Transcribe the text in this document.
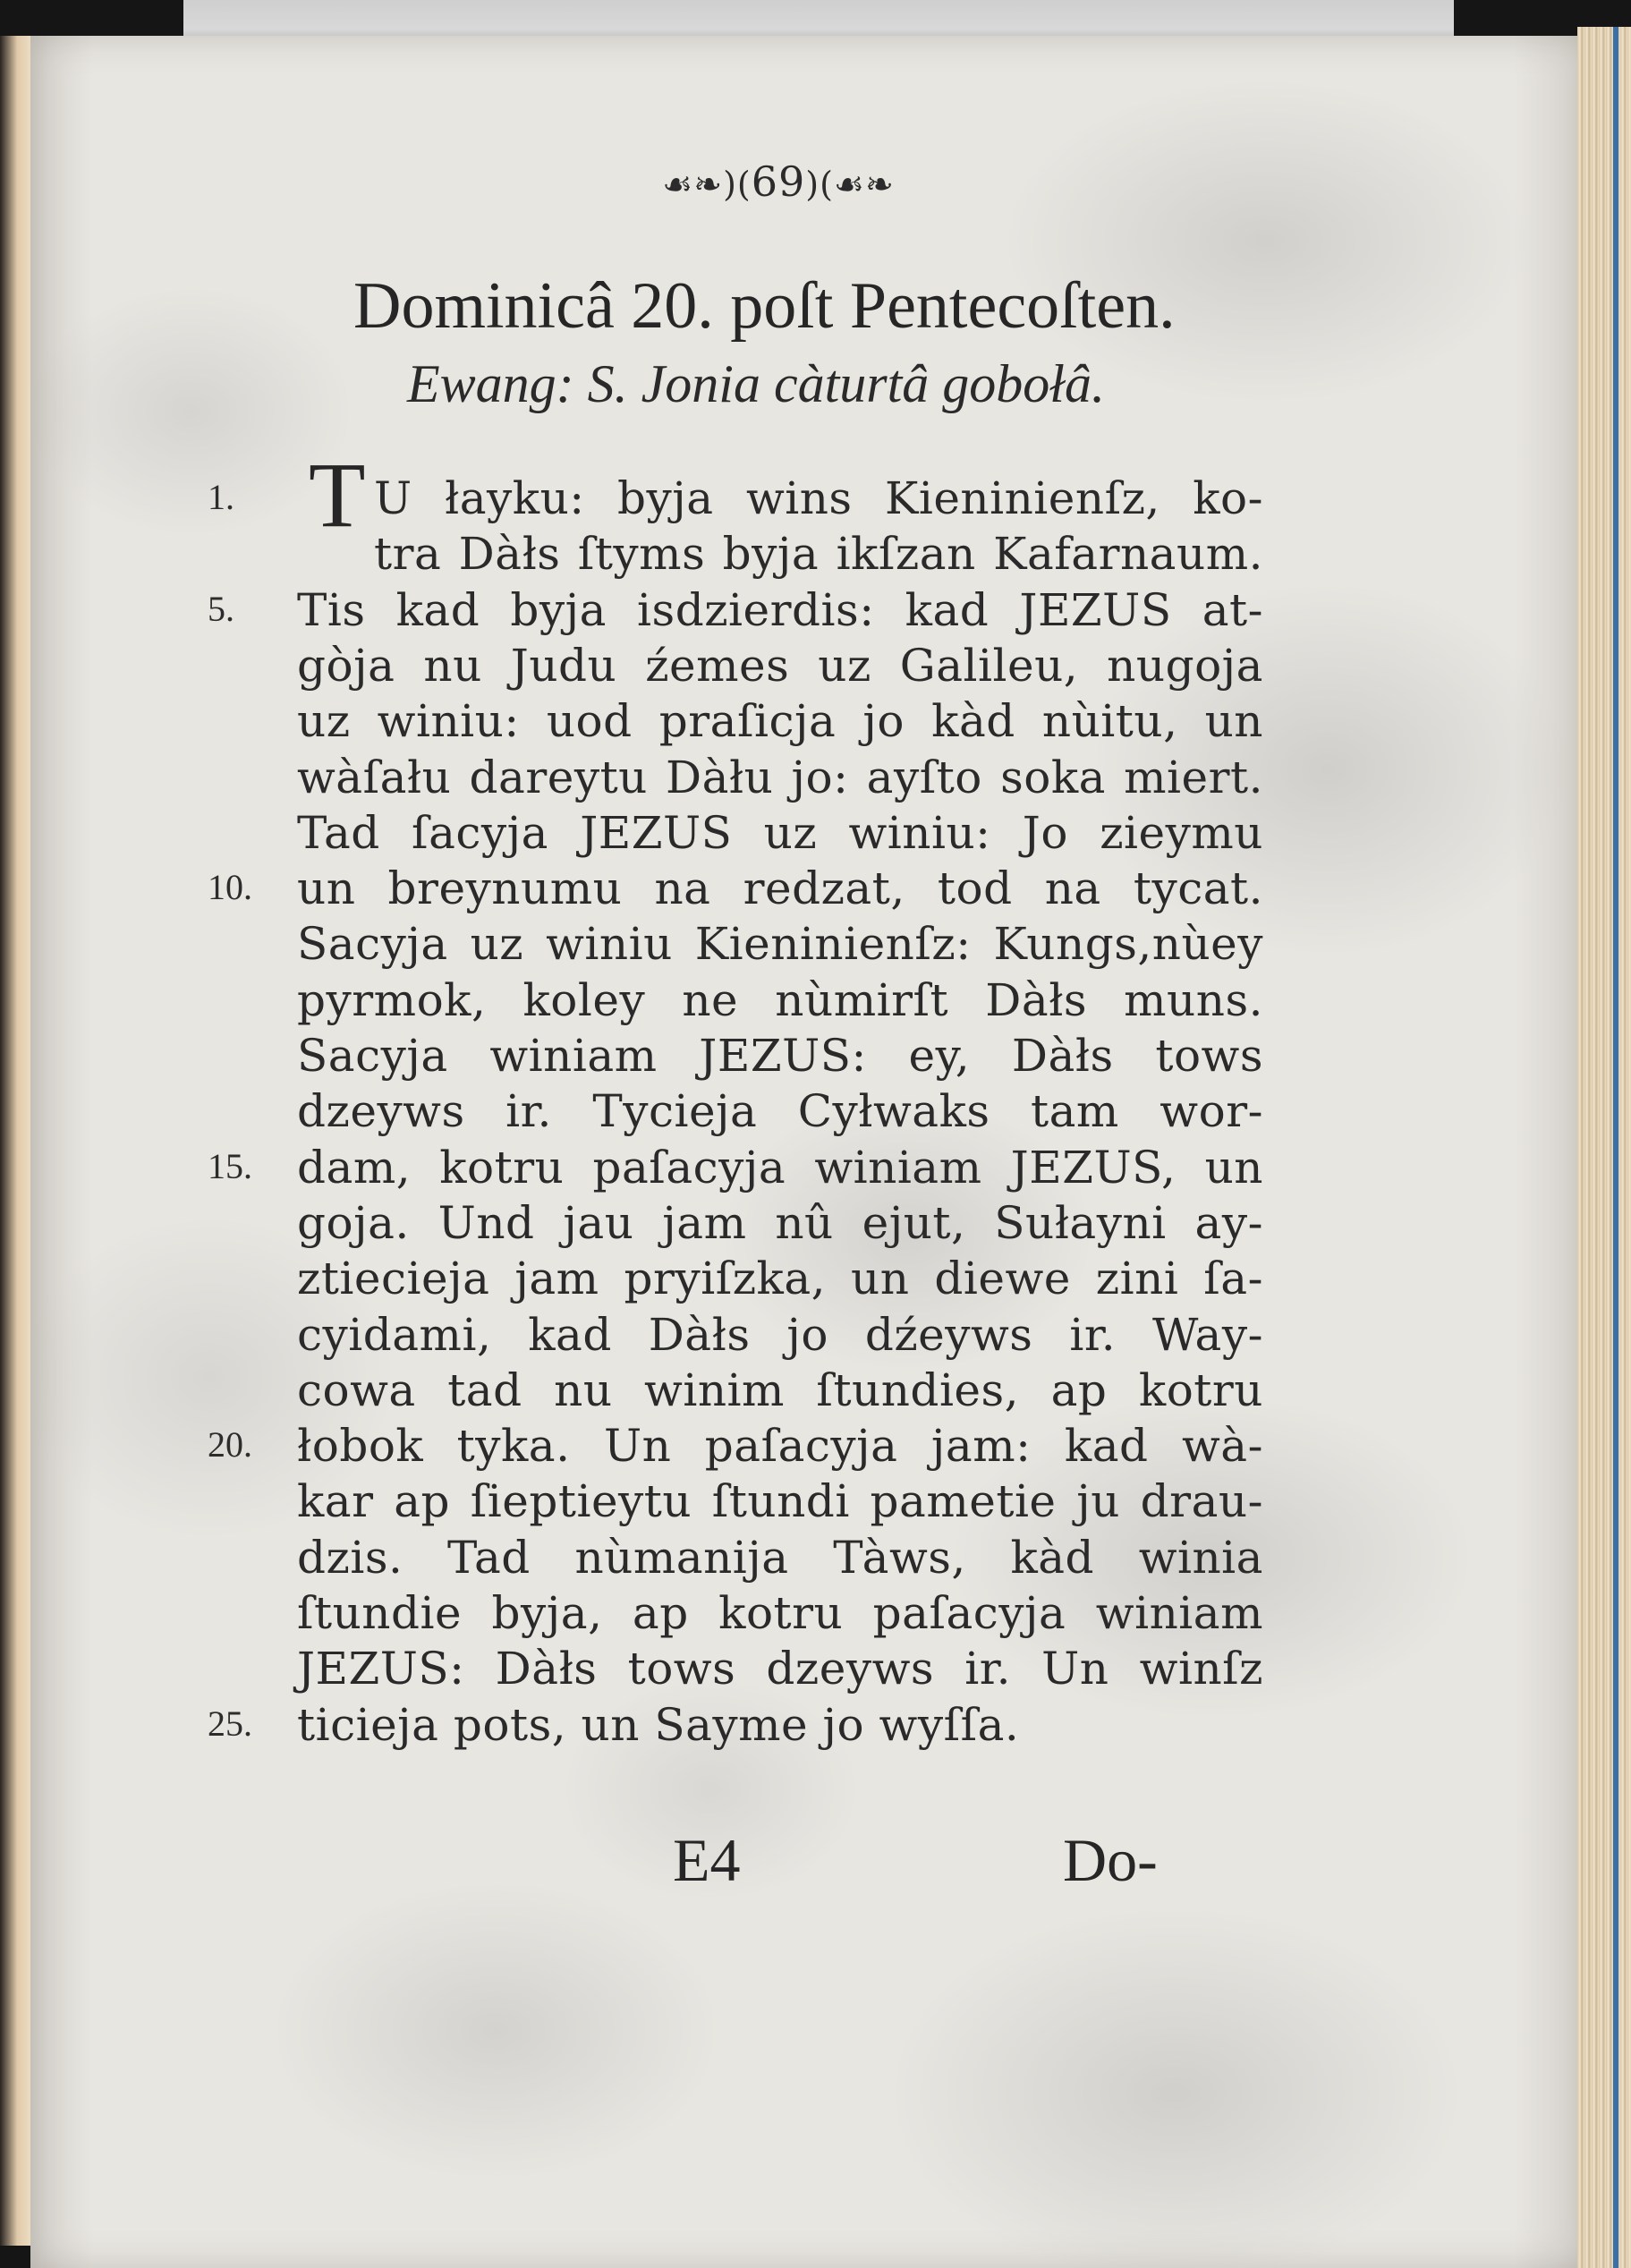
☙❧)(69)(☙❧
Dominicâ 20. poſt Pentecoſten.
Ewang: S. Jonia càturtâ gobołâ.
T U łayku: byja wins Kieninienſz, ko-
1.
tra Dàłs ſtyms byja ikſzan Kafarnaum.
Tis kad byja isdzierdis: kad JEZUS at-
5.
gòja nu Judu źemes uz Galileu, nugoja
uz winiu: uod praſicja jo kàd nùitu, un
wàſału dareytu Dàłu jo: ayſto soka miert.
Tad ſacyja JEZUS uz winiu: Jo zieymu
un breynumu na redzat, tod na tycat.
10.
Sacyja uz winiu Kieninienſz: Kungs,nùey
pyrmok, koley ne nùmirſt Dàłs muns.
Sacyja winiam JEZUS: ey, Dàłs tows
dzeyws ir. Tycieja Cyłwaks tam wor-
dam, kotru paſacyja winiam JEZUS, un
15.
goja. Und jau jam nû ejut, Sułayni ay-
ztiecieja jam pryiſzka, un diewe zini ſa-
cyidami, kad Dàłs jo dźeyws ir. Way-
cowa tad nu winim ſtundies, ap kotru
łobok tyka. Un paſacyja jam: kad wà-
20.
kar ap ſieptieytu ſtundi pametie ju drau-
dzis. Tad nùmanija Tàws, kàd winia
ſtundie byja, ap kotru paſacyja winiam
JEZUS: Dàłs tows dzeyws ir. Un winſz
ticieja pots, un Sayme jo wyſſa.
25.
E4	Do-
